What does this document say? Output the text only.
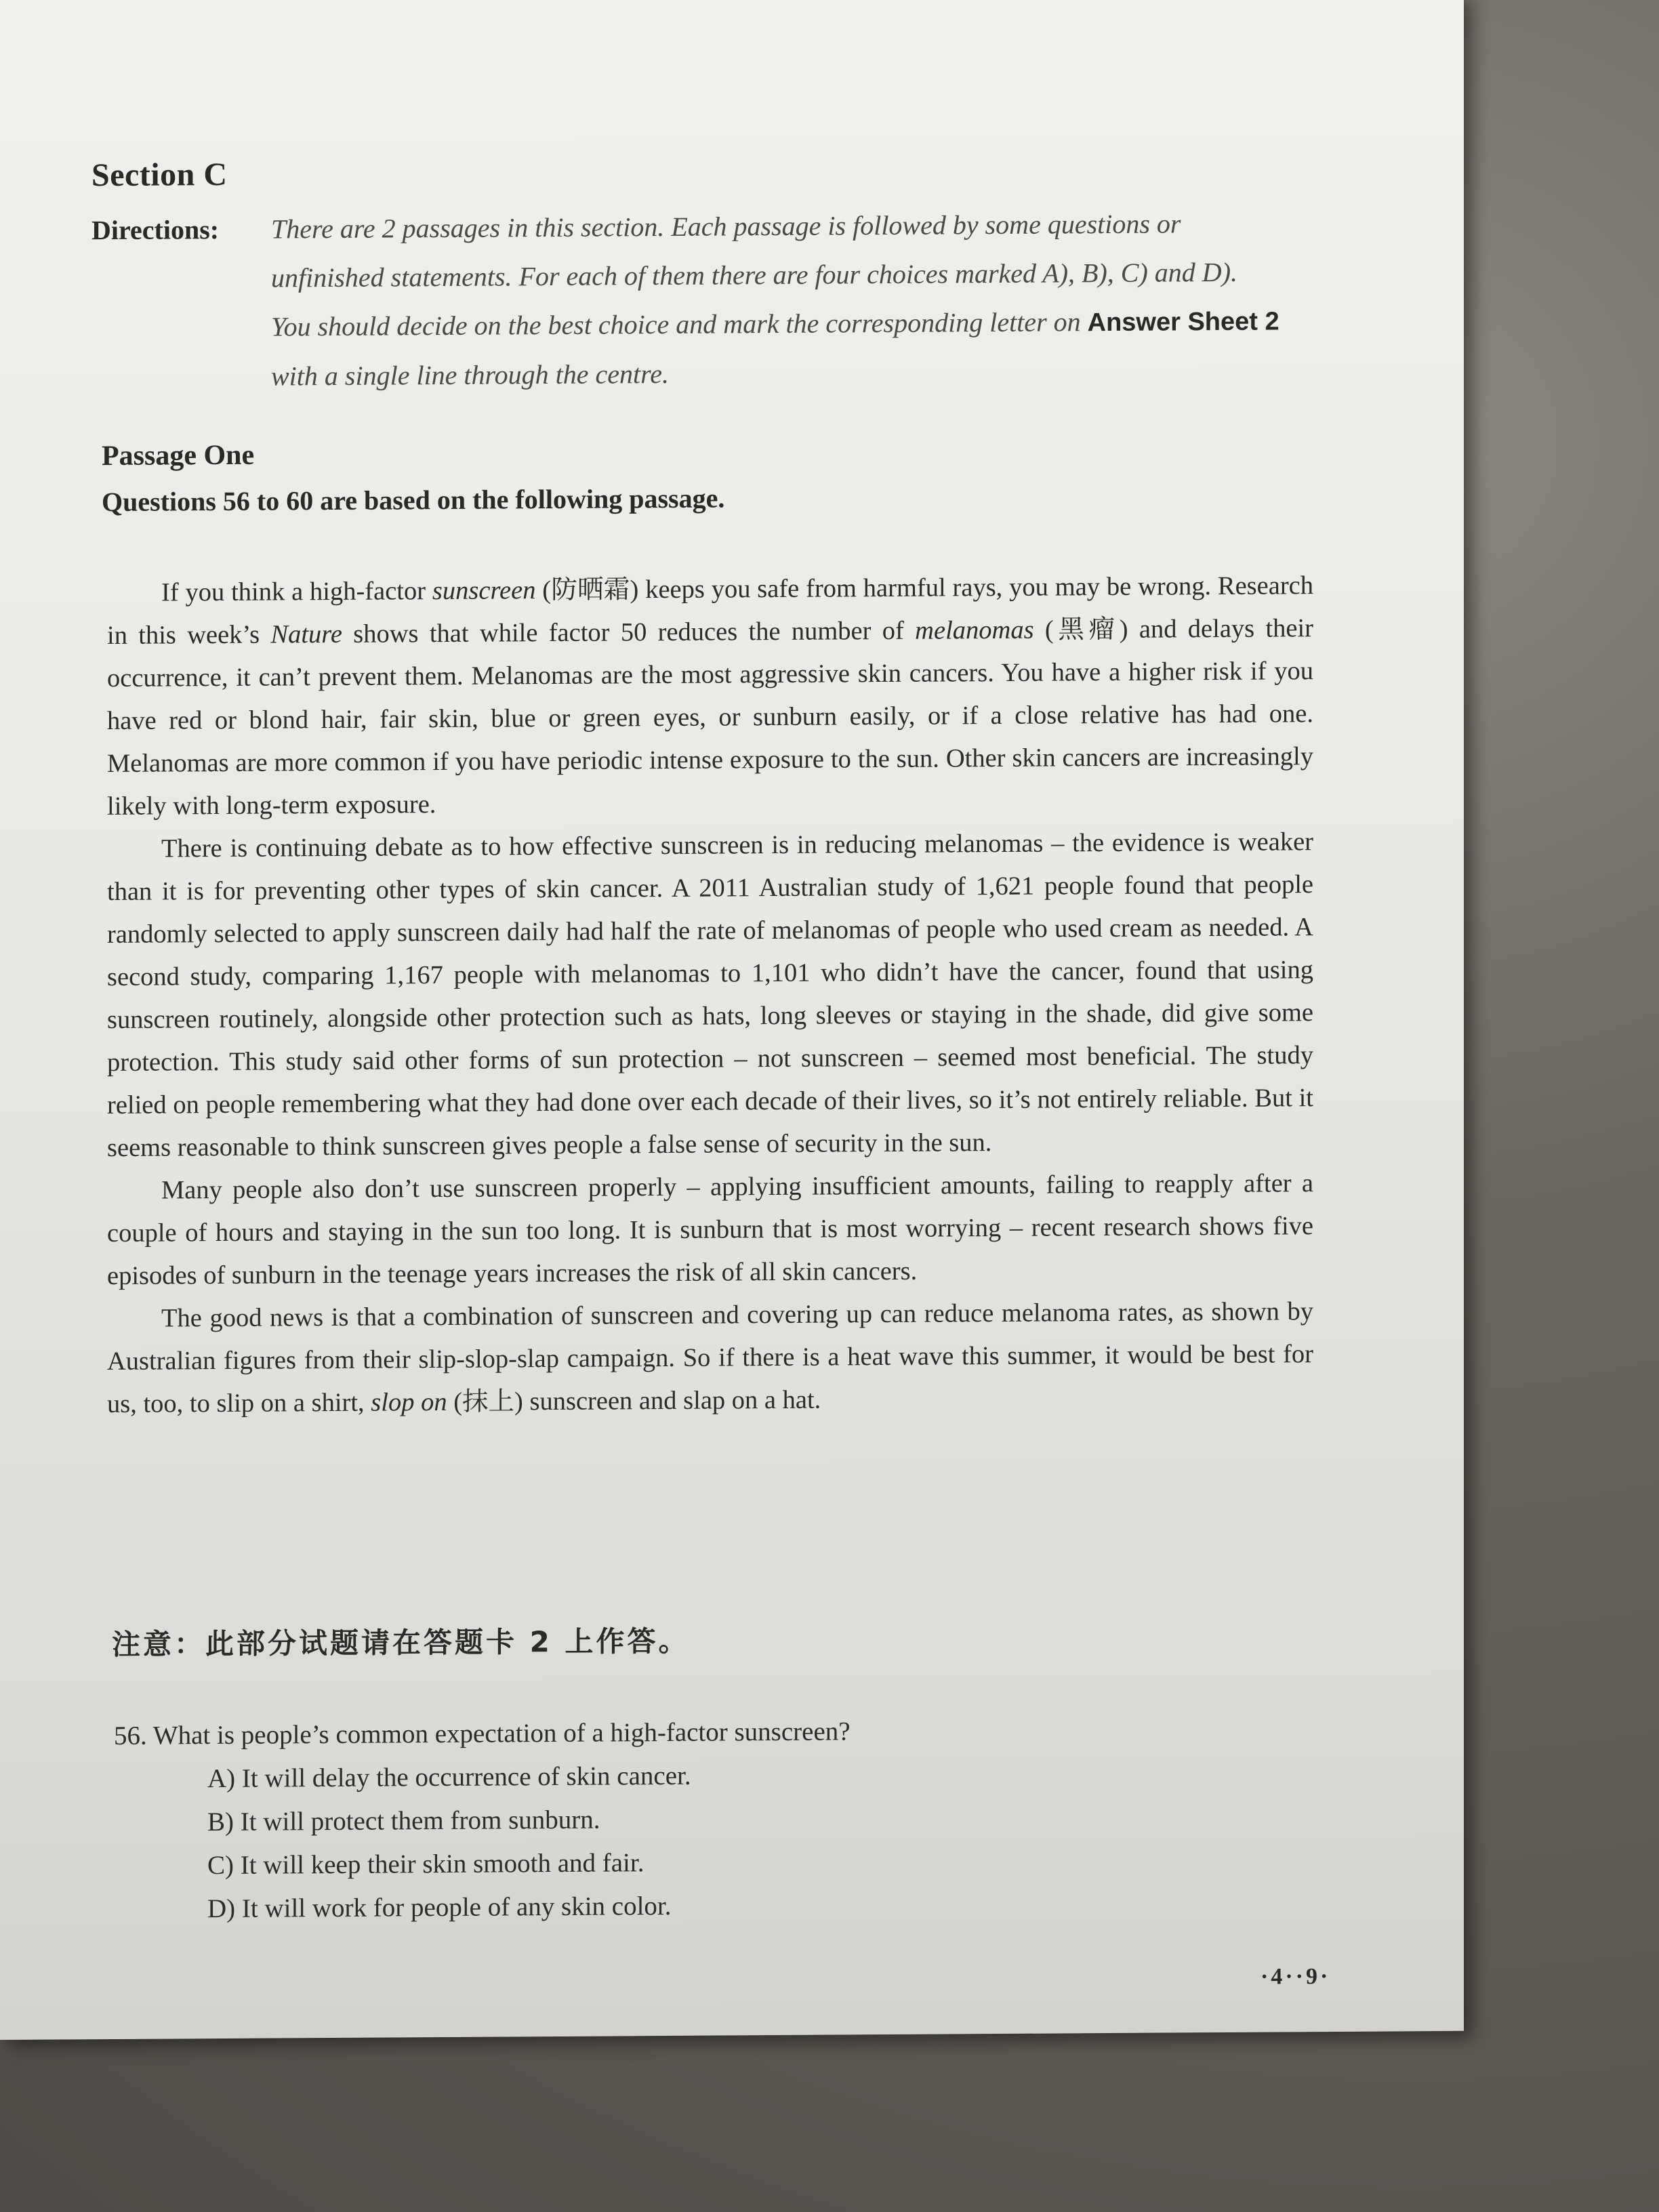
Section C
Directions: There are 2 passages in this section. Each passage is followed by some questions or unfinished statements. For each of them there are four choices marked A), B), C) and D). You should decide on the best choice and mark the corresponding letter on Answer Sheet 2 with a single line through the centre.
Passage One
Questions 56 to 60 are based on the following passage.

If you think a high-factor sunscreen (防晒霜) keeps you safe from harmful rays, you may be wrong. Research in this week’s Nature shows that while factor 50 reduces the number of melanomas (黑瘤) and delays their occurrence, it can’t prevent them. Melanomas are the most aggressive skin cancers. You have a higher risk if you have red or blond hair, fair skin, blue or green eyes, or sunburn easily, or if a close relative has had one. Melanomas are more common if you have periodic intense exposure to the sun. Other skin cancers are increasingly likely with long-term exposure.

There is continuing debate as to how effective sunscreen is in reducing melanomas – the evidence is weaker than it is for preventing other types of skin cancer. A 2011 Australian study of 1,621 people found that people randomly selected to apply sunscreen daily had half the rate of melanomas of people who used cream as needed. A second study, comparing 1,167 people with melanomas to 1,101 who didn’t have the cancer, found that using sunscreen routinely, alongside other protection such as hats, long sleeves or staying in the shade, did give some protection. This study said other forms of sun protection – not sunscreen – seemed most beneficial. The study relied on people remembering what they had done over each decade of their lives, so it’s not entirely reliable. But it seems reasonable to think sunscreen gives people a false sense of security in the sun.

Many people also don’t use sunscreen properly – applying insufficient amounts, failing to reapply after a couple of hours and staying in the sun too long. It is sunburn that is most worrying – recent research shows five episodes of sunburn in the teenage years increases the risk of all skin cancers.

The good news is that a combination of sunscreen and covering up can reduce melanoma rates, as shown by Australian figures from their slip-slop-slap campaign. So if there is a heat wave this summer, it would be best for us, too, to slip on a shirt, slop on (抹上) sunscreen and slap on a hat.

注意：此部分试题请在答题卡 2 上作答。
56. What is people’s common expectation of a high-factor sunscreen?
A) It will delay the occurrence of skin cancer.
B) It will protect them from sunburn.
C) It will keep their skin smooth and fair.
D) It will work for people of any skin color.
·4··9·
